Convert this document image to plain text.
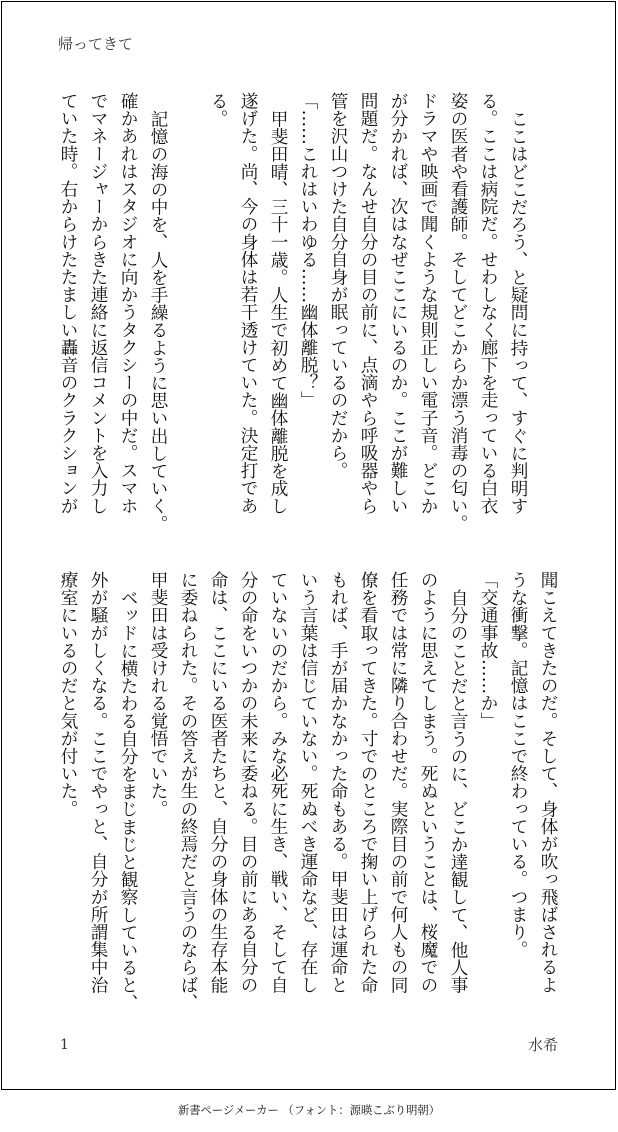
帰ってきて
ここはどこだろう、と疑問に持って、すぐに判明す
る。ここは病院だ。せわしなく廊下を走っている白衣
姿の医者や看護師。そしてどこからか漂う消毒の匂い。
ドラマや映画で聞くような規則正しい電子音。どこか
が分かれば、次はなぜここにいるのか。ここが難しい
問題だ。なんせ自分の目の前に、点滴やら呼吸器やら
管を沢山つけた自分自身が眠っているのだから。
「……これはいわゆる……幽体離脱？」
甲斐田晴、三十一歳。人生で初めて幽体離脱を成し
遂げた。尚、今の身体は若干透けていた。決定打であ
る。
記憶の海の中を、人を手繰るように思い出していく。
確かあれはスタジオに向かうタクシーの中だ。スマホ
でマネージャーからきた連絡に返信コメントを入力し
ていた時。右からけたたましい轟音のクラクションが
聞こえてきたのだ。そして、身体が吹っ飛ばされるよ
うな衝撃。記憶はここで終わっている。つまり。
「交通事故……か」
自分のことだと言うのに、どこか達観して、他人事
のように思えてしまう。死ぬということは、桜魔での
任務では常に隣り合わせだ。実際目の前で何人もの同
僚を看取ってきた。寸でのところで掬い上げられた命
もれば、手が届かなかった命もある。甲斐田は運命と
いう言葉は信じていない。死ぬべき運命など、存在し
ていないのだから。みな必死に生き、戦い、そして自
分の命をいつかの未来に委ねる。目の前にある自分の
命は、ここにいる医者たちと、自分の身体の生存本能
に委ねられた。その答えが生の終焉だと言うのならば、
甲斐田は受けれる覚悟でいた。
ベッドに横たわる自分をまじまじと観察していると、
外が騒がしくなる。ここでやっと、自分が所謂集中治
療室にいるのだと気が付いた。
1	水希
新書ページメーカー （フォント：源暎こぶり明朝）
